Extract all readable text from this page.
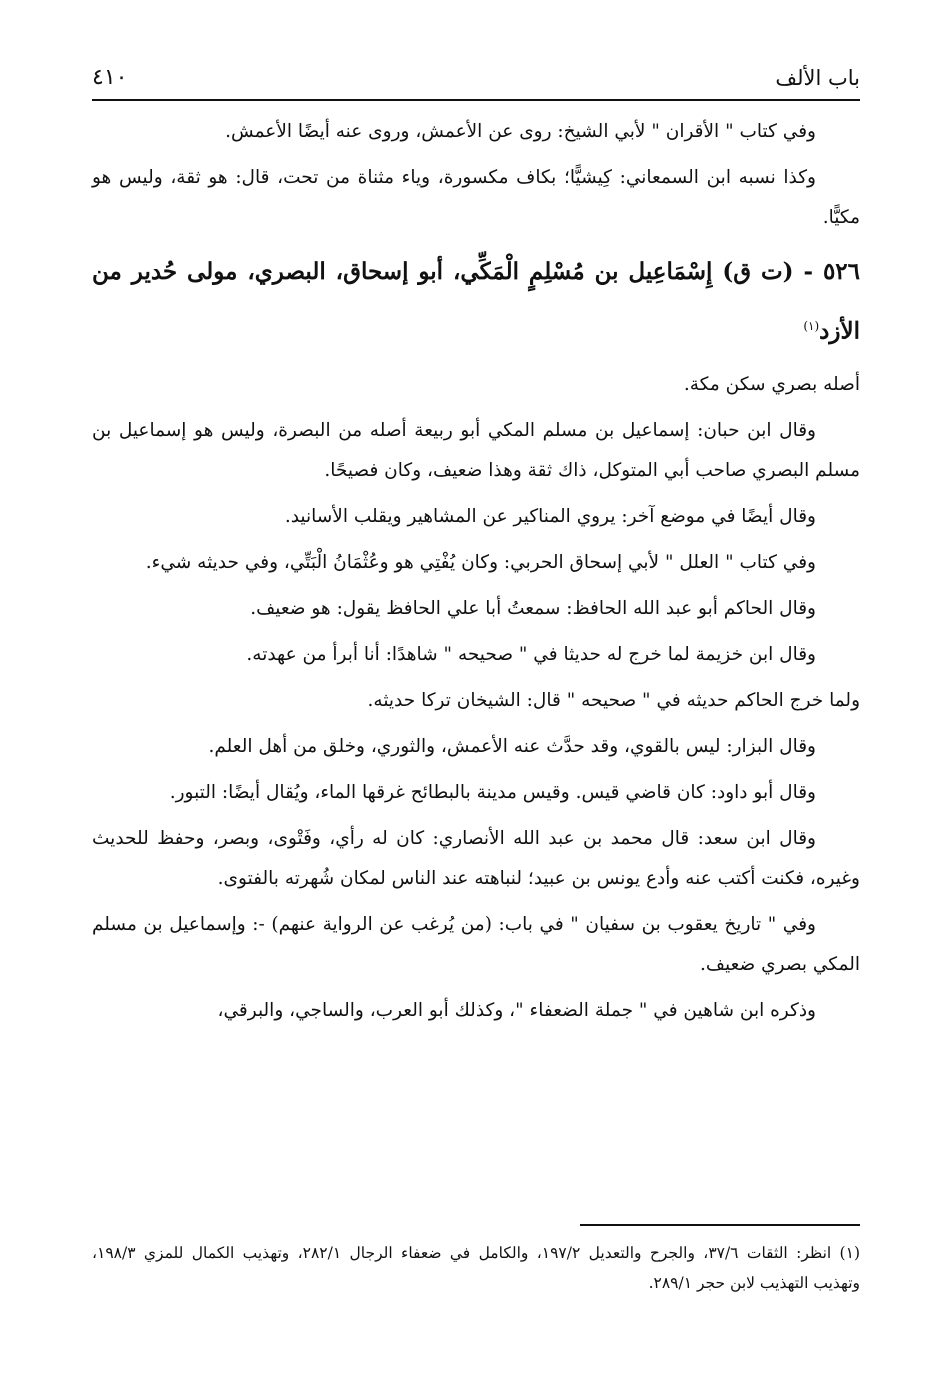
باب الألف
٤١٠

وفي كتاب " الأقران " لأبي الشيخ: روى عن الأعمش، وروى عنه أيضًا الأعمش.

وكذا نسبه ابن السمعاني: كِيشيًّا؛ بكاف مكسورة، وياء مثناة من تحت، قال: هو ثقة، وليس هو مكيًّا.

٥٢٦ - (ت ق) إِسْمَاعِيل بن مُسْلِمٍ الْمَكِّي، أبو إسحاق، البصري، مولى حُدير من الأزد$^{(١)}$

أصله بصري سكن مكة.

وقال ابن حبان: إسماعيل بن مسلم المكي أبو ربيعة أصله من البصرة، وليس هو إسماعيل بن مسلم البصري صاحب أبي المتوكل، ذاك ثقة وهذا ضعيف، وكان فصيحًا.

وقال أيضًا في موضع آخر: يروي المناكير عن المشاهير ويقلب الأسانيد.

وفي كتاب " العلل " لأبي إسحاق الحربي: وكان يُفْتِي هو وعُثْمَانُ الْبَتِّي، وفي حديثه شيء.

وقال الحاكم أبو عبد الله الحافظ: سمعتُ أبا علي الحافظ يقول: هو ضعيف.

وقال ابن خزيمة لما خرج له حديثا في " صحيحه " شاهدًا: أنا أبرأ من عهدته.

ولما خرج الحاكم حديثه في " صحيحه " قال: الشيخان تركا حديثه.

وقال البزار: ليس بالقوي، وقد حدَّث عنه الأعمش، والثوري، وخلق من أهل العلم.

وقال أبو داود: كان قاضي قيس. وقيس مدينة بالبطائح غرقها الماء، ويُقال أيضًا: التبور.

وقال ابن سعد: قال محمد بن عبد الله الأنصاري: كان له رأي، وفَتْوى، وبصر، وحفظ للحديث وغيره، فكنت أكتب عنه وأدع يونس بن عبيد؛ لنباهته عند الناس لمكان شُهرته بالفتوى.

وفي " تاريخ يعقوب بن سفيان " في باب: (من يُرغب عن الرواية عنهم) -: وإسماعيل بن مسلم المكي بصري ضعيف.

وذكره ابن شاهين في " جملة الضعفاء "، وكذلك أبو العرب، والساجي، والبرقي،

(١) انظر: الثقات ٣٧/٦، والجرح والتعديل ١٩٧/٢، والكامل في ضعفاء الرجال ٢٨٢/١، وتهذيب الكمال للمزي ١٩٨/٣، وتهذيب التهذيب لابن حجر ٢٨٩/١.
